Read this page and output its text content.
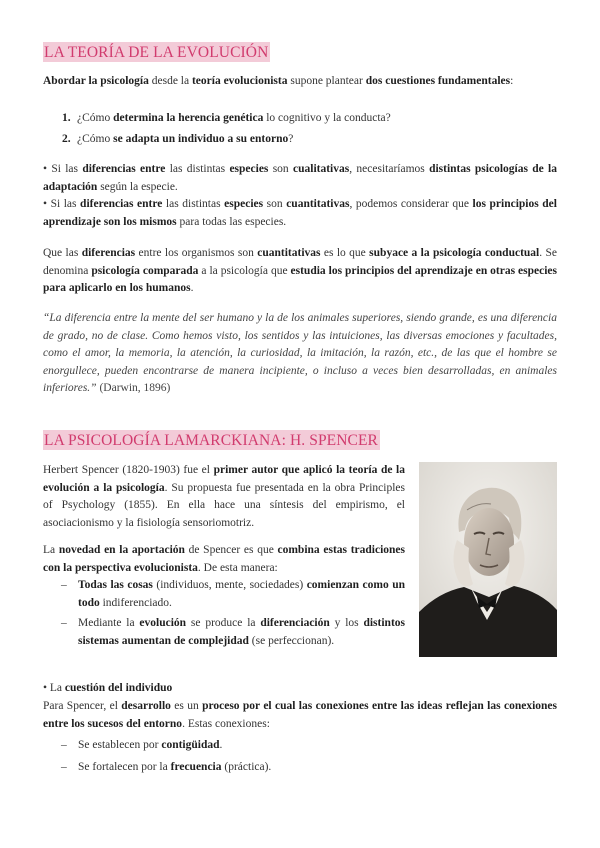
LA TEORÍA DE LA EVOLUCIÓN
Abordar la psicología desde la teoría evolucionista supone plantear dos cuestiones fundamentales:
1. ¿Cómo determina la herencia genética lo cognitivo y la conducta?
2. ¿Cómo se adapta un individuo a su entorno?
• Si las diferencias entre las distintas especies son cualitativas, necesitaríamos distintas psicologías de la adaptación según la especie.
• Si las diferencias entre las distintas especies son cuantitativas, podemos considerar que los principios del aprendizaje son los mismos para todas las especies.
Que las diferencias entre los organismos son cuantitativas es lo que subyace a la psicología conductual. Se denomina psicología comparada a la psicología que estudia los principios del aprendizaje en otras especies para aplicarlo en los humanos.
“La diferencia entre la mente del ser humano y la de los animales superiores, siendo grande, es una diferencia de grado, no de clase. Como hemos visto, los sentidos y las intuiciones, las diversas emociones y facultades, como el amor, la memoria, la atención, la curiosidad, la imitación, la razón, etc., de las que el hombre se enorgullece, pueden encontrarse de manera incipiente, o incluso a veces bien desarrolladas, en animales inferiores.” (Darwin, 1896)
LA PSICOLOGÍA LAMARCKIANA: H. SPENCER
Herbert Spencer (1820-1903) fue el primer autor que aplicó la teoría de la evolución a la psicología. Su propuesta fue presentada en la obra Principles of Psychology (1855). En ella hace una síntesis del empirismo, el asociacionismo y la fisiología sensoriomotriz.
La novedad en la aportación de Spencer es que combina estas tradiciones con la perspectiva evolucionista. De esta manera:
– Todas las cosas (individuos, mente, sociedades) comienzan como un todo indiferenciado.
– Mediante la evolución se produce la diferenciación y los distintos sistemas aumentan de complejidad (se perfeccionan).
• La cuestión del individuo
Para Spencer, el desarrollo es un proceso por el cual las conexiones entre las ideas reflejan las conexiones entre los sucesos del entorno. Estas conexiones:
– Se establecen por contigüidad.
– Se fortalecen por la frecuencia (práctica).
